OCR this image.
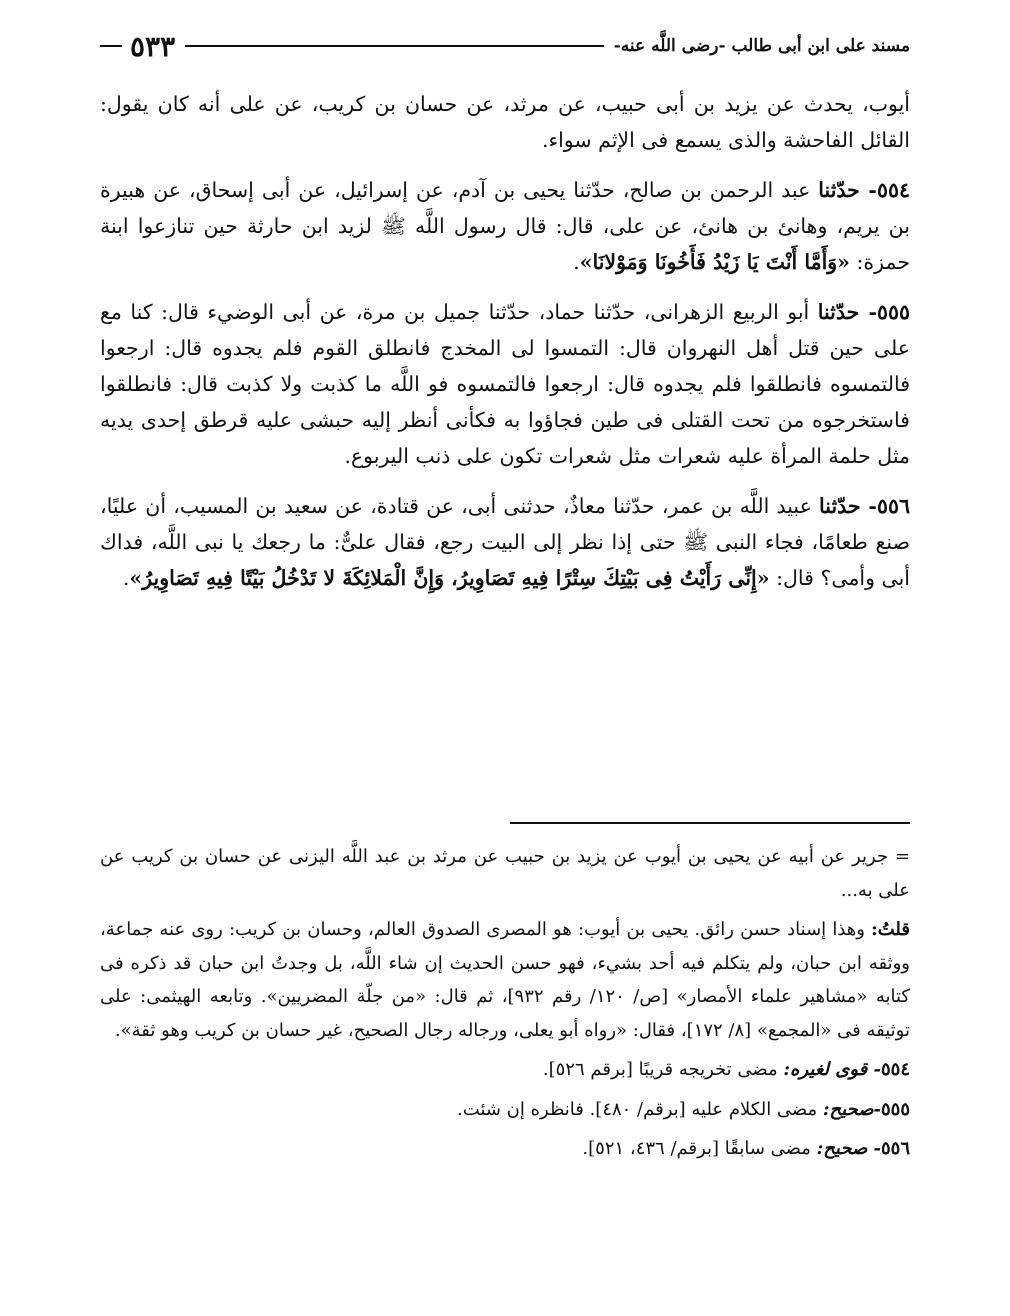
مسند على ابن أبى طالب -رضى اللَّه عنه-
٥٣٣

أيوب، يحدث عن يزيد بن أبى حبيب، عن مرثد، عن حسان بن كريب، عن على أنه كان يقول: القائل الفاحشة والذى يسمع فى الإثم سواء.

٥٥٤- حدّثنا عبد الرحمن بن صالح، حدّثنا يحيى بن آدم، عن إسرائيل، عن أبى إسحاق، عن هبيرة بن يريم، وهانئ بن هانئ، عن على، قال: قال رسول اللَّه ﷺ لزيد ابن حارثة حين تنازعوا ابنة حمزة: «وَأَمَّا أَنْتَ يَا زَيْدُ فَأَخُونَا وَمَوْلانَا».

٥٥٥- حدّثنا أبو الربيع الزهرانى، حدّثنا حماد، حدّثنا جميل بن مرة، عن أبى الوضيء قال: كنا مع على حين قتل أهل النهروان قال: التمسوا لى المخدج فانطلق القوم فلم يجدوه قال: ارجعوا فالتمسوه فانطلقوا فلم يجدوه قال: ارجعوا فالتمسوه فو اللَّه ما كذبت ولا كذبت قال: فانطلقوا فاستخرجوه من تحت القتلى فى طين فجاؤوا به فكأنى أنظر إليه حبشى عليه قرطق إحدى يديه مثل حلمة المرأة عليه شعرات مثل شعرات تكون على ذنب اليربوع.

٥٥٦- حدّثنا عبيد اللَّه بن عمر، حدّثنا معاذٌ، حدثنى أبى، عن قتادة، عن سعيد بن المسيب، أن عليًا، صنع طعامًا، فجاء النبى ﷺ حتى إذا نظر إلى البيت رجع، فقال علىٌّ: ما رجعك يا نبى اللَّه، فداك أبى وأمى؟ قال: «إِنِّى رَأَيْتُ فِى بَيْتِكَ سِتْرًا فِيهِ تَصَاوِيرُ، وَإِنَّ الْمَلائِكَةَ لا تَدْخُلُ بَيْتًا فِيهِ تَصَاوِيرُ».

= جرير عن أبيه عن يحيى بن أيوب عن يزيد بن حبيب عن مرثد بن عبد اللَّه اليزنى عن حسان بن كريب عن على به...

قلتُ: وهذا إسناد حسن رائق. يحيى بن أيوب: هو المصرى الصدوق العالم، وحسان بن كريب: روى عنه جماعة، ووثقه ابن حبان، ولم يتكلم فيه أحد بشيء، فهو حسن الحديث إن شاء اللَّه، بل وجدتُ ابن حبان قد ذكره فى كتابه «مشاهير علماء الأمصار» [ص/ ١٢٠/ رقم ٩٣٢]، ثم قال: «من جلّة المضريين». وتابعه الهيثمى: على توثيقه فى «المجمع» [٨/ ١٧٢]، فقال: «رواه أبو يعلى، ورجاله رجال الصحيح، غير حسان بن كريب وهو ثقة».

٥٥٤- قوى لغيره: مضى تخريجه قريبًا [برقم ٥٢٦].

٥٥٥-صحيح: مضى الكلام عليه [برقم/ ٤٨٠]. فانظره إن شئت.

٥٥٦- صحيح: مضى سابقًا [برقم/ ٤٣٦، ٥٢١].
